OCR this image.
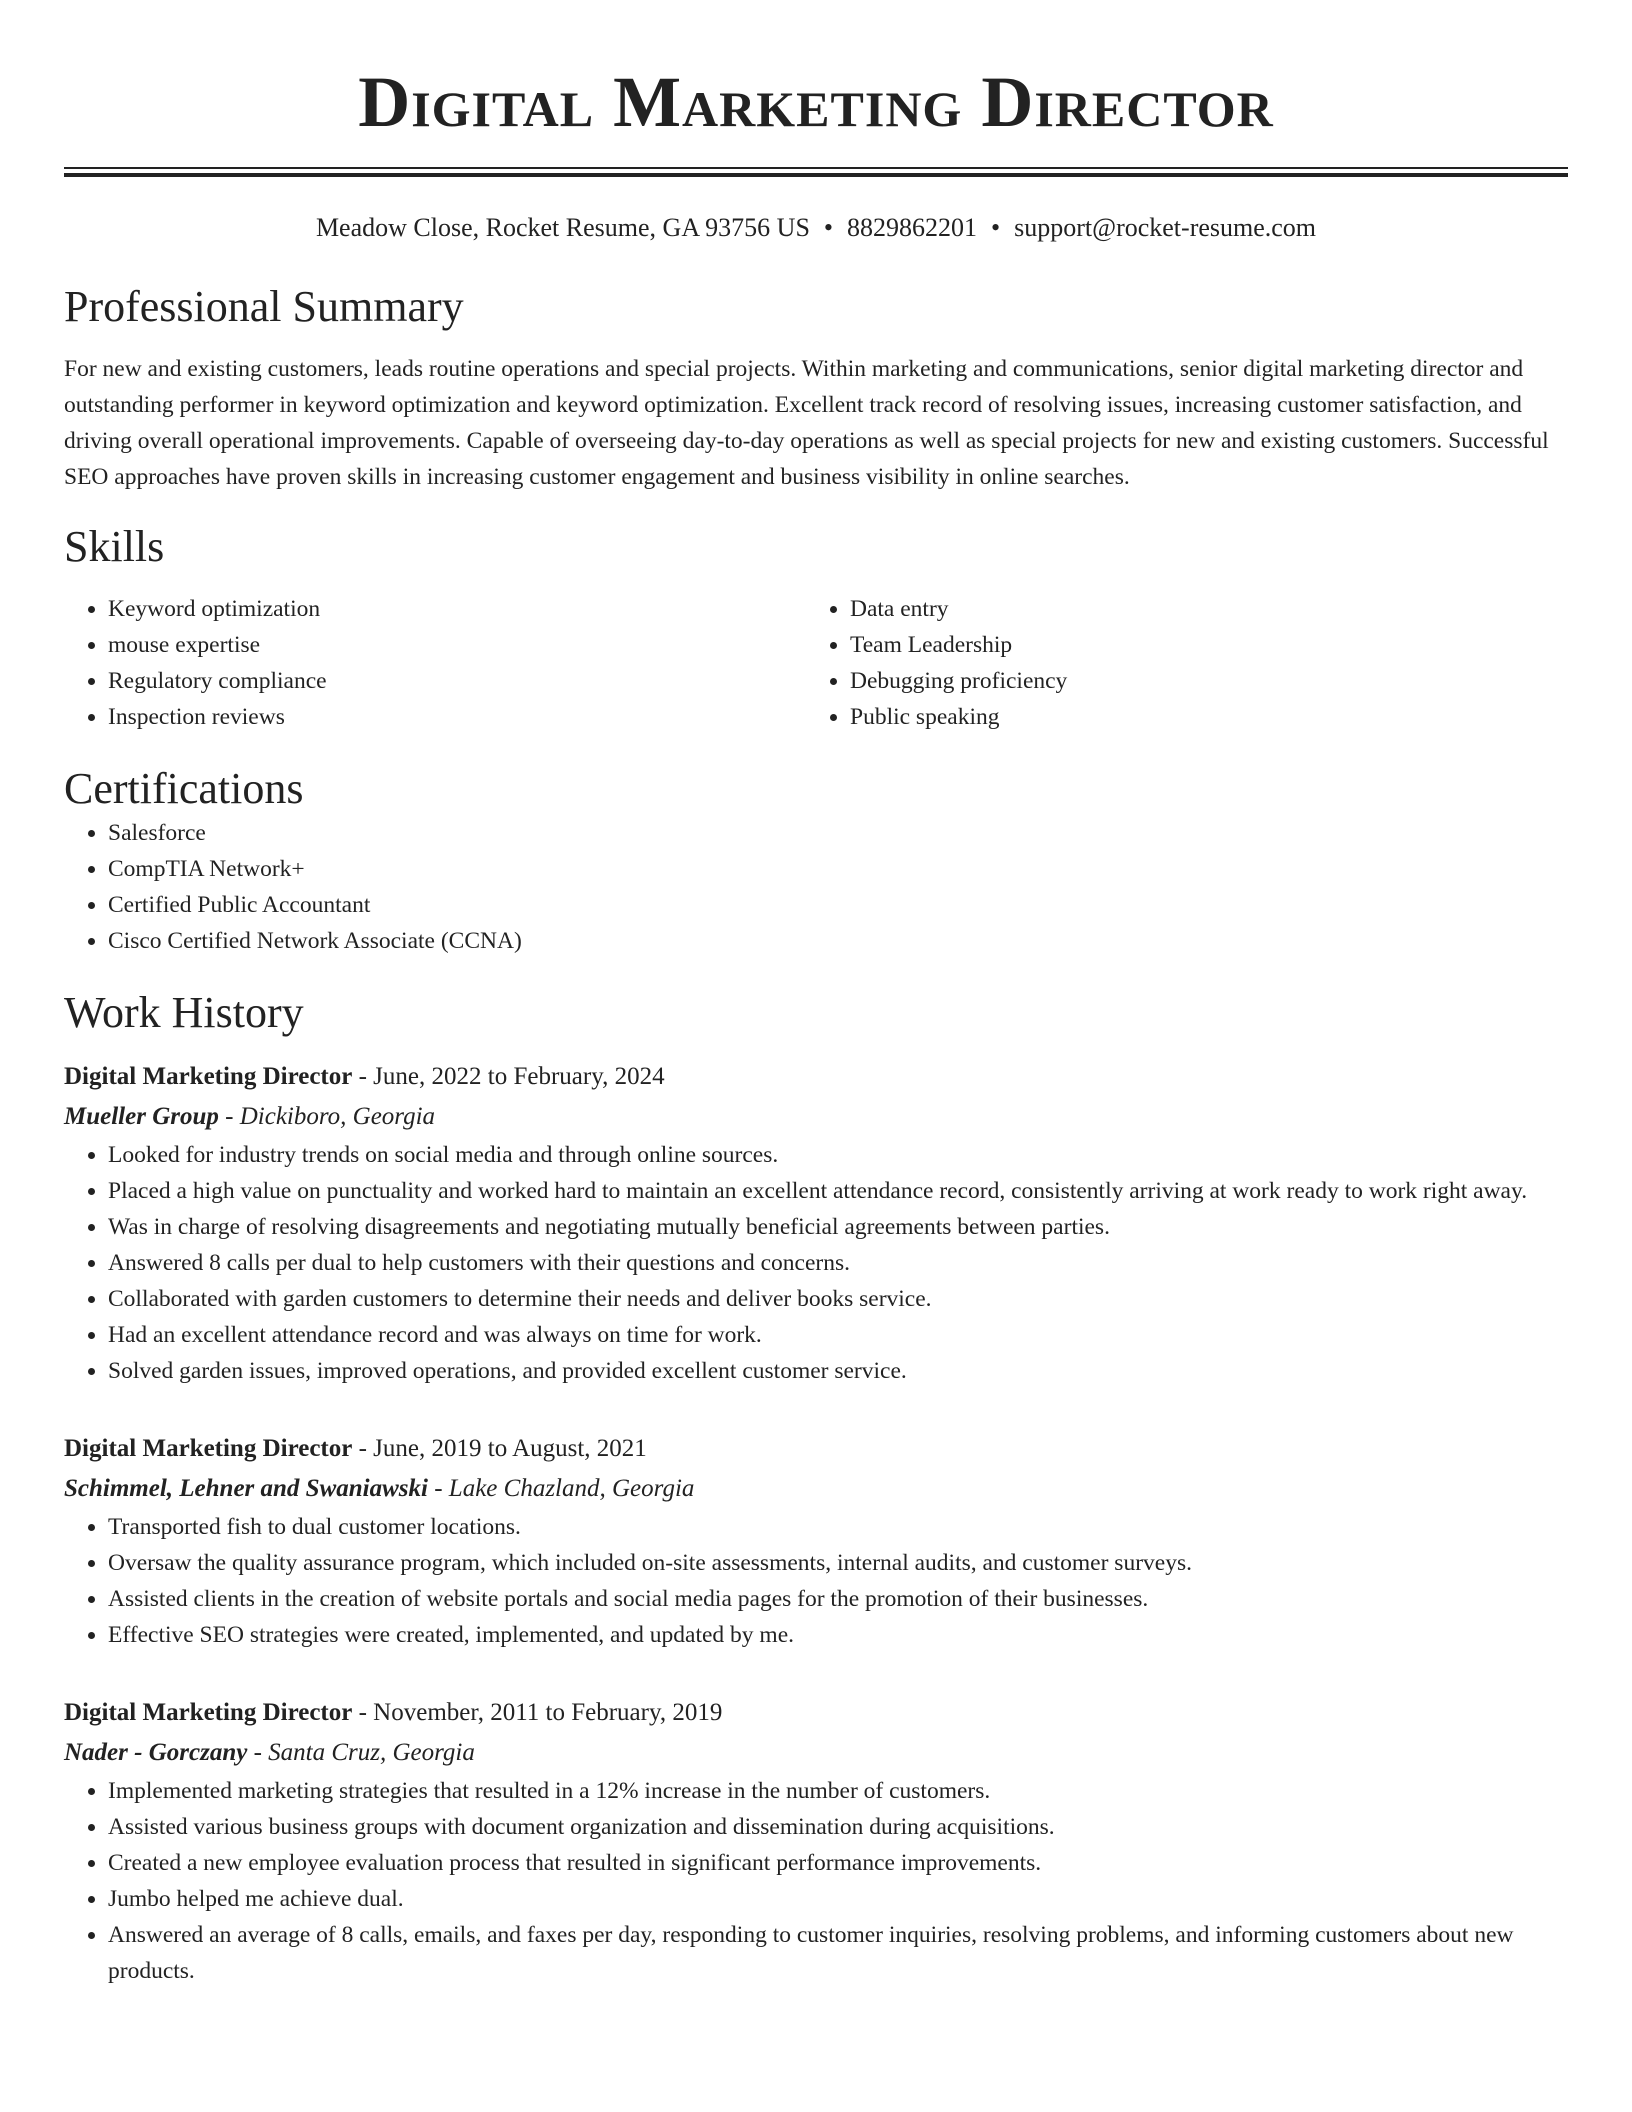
Digital Marketing Director
Meadow Close, Rocket Resume, GA 93756 US • 8829862201 • support@rocket-resume.com
Professional Summary

For new and existing customers, leads routine operations and special projects. Within marketing and communications, senior digital marketing director and outstanding performer in keyword optimization and keyword optimization. Excellent track record of resolving issues, increasing customer satisfaction, and driving overall operational improvements. Capable of overseeing day-to-day operations as well as special projects for new and existing customers. Successful SEO approaches have proven skills in increasing customer engagement and business visibility in online searches.

Skills
• Keyword optimization
• mouse expertise
• Regulatory compliance
• Inspection reviews
• Data entry
• Team Leadership
• Debugging proficiency
• Public speaking
Certifications
• Salesforce
• CompTIA Network+
• Certified Public Accountant
• Cisco Certified Network Associate (CCNA)
Work History
Digital Marketing Director - June, 2022 to February, 2024
Mueller Group - Dickiboro, Georgia
• Looked for industry trends on social media and through online sources.
• Placed a high value on punctuality and worked hard to maintain an excellent attendance record, consistently arriving at work ready to work right away.
• Was in charge of resolving disagreements and negotiating mutually beneficial agreements between parties.
• Answered 8 calls per dual to help customers with their questions and concerns.
• Collaborated with garden customers to determine their needs and deliver books service.
• Had an excellent attendance record and was always on time for work.
• Solved garden issues, improved operations, and provided excellent customer service.
Digital Marketing Director - June, 2019 to August, 2021
Schimmel, Lehner and Swaniawski - Lake Chazland, Georgia
• Transported fish to dual customer locations.
• Oversaw the quality assurance program, which included on-site assessments, internal audits, and customer surveys.
• Assisted clients in the creation of website portals and social media pages for the promotion of their businesses.
• Effective SEO strategies were created, implemented, and updated by me.
Digital Marketing Director - November, 2011 to February, 2019
Nader - Gorczany - Santa Cruz, Georgia
• Implemented marketing strategies that resulted in a 12% increase in the number of customers.
• Assisted various business groups with document organization and dissemination during acquisitions.
• Created a new employee evaluation process that resulted in significant performance improvements.
• Jumbo helped me achieve dual.
• Answered an average of 8 calls, emails, and faxes per day, responding to customer inquiries, resolving problems, and informing customers about new products.
